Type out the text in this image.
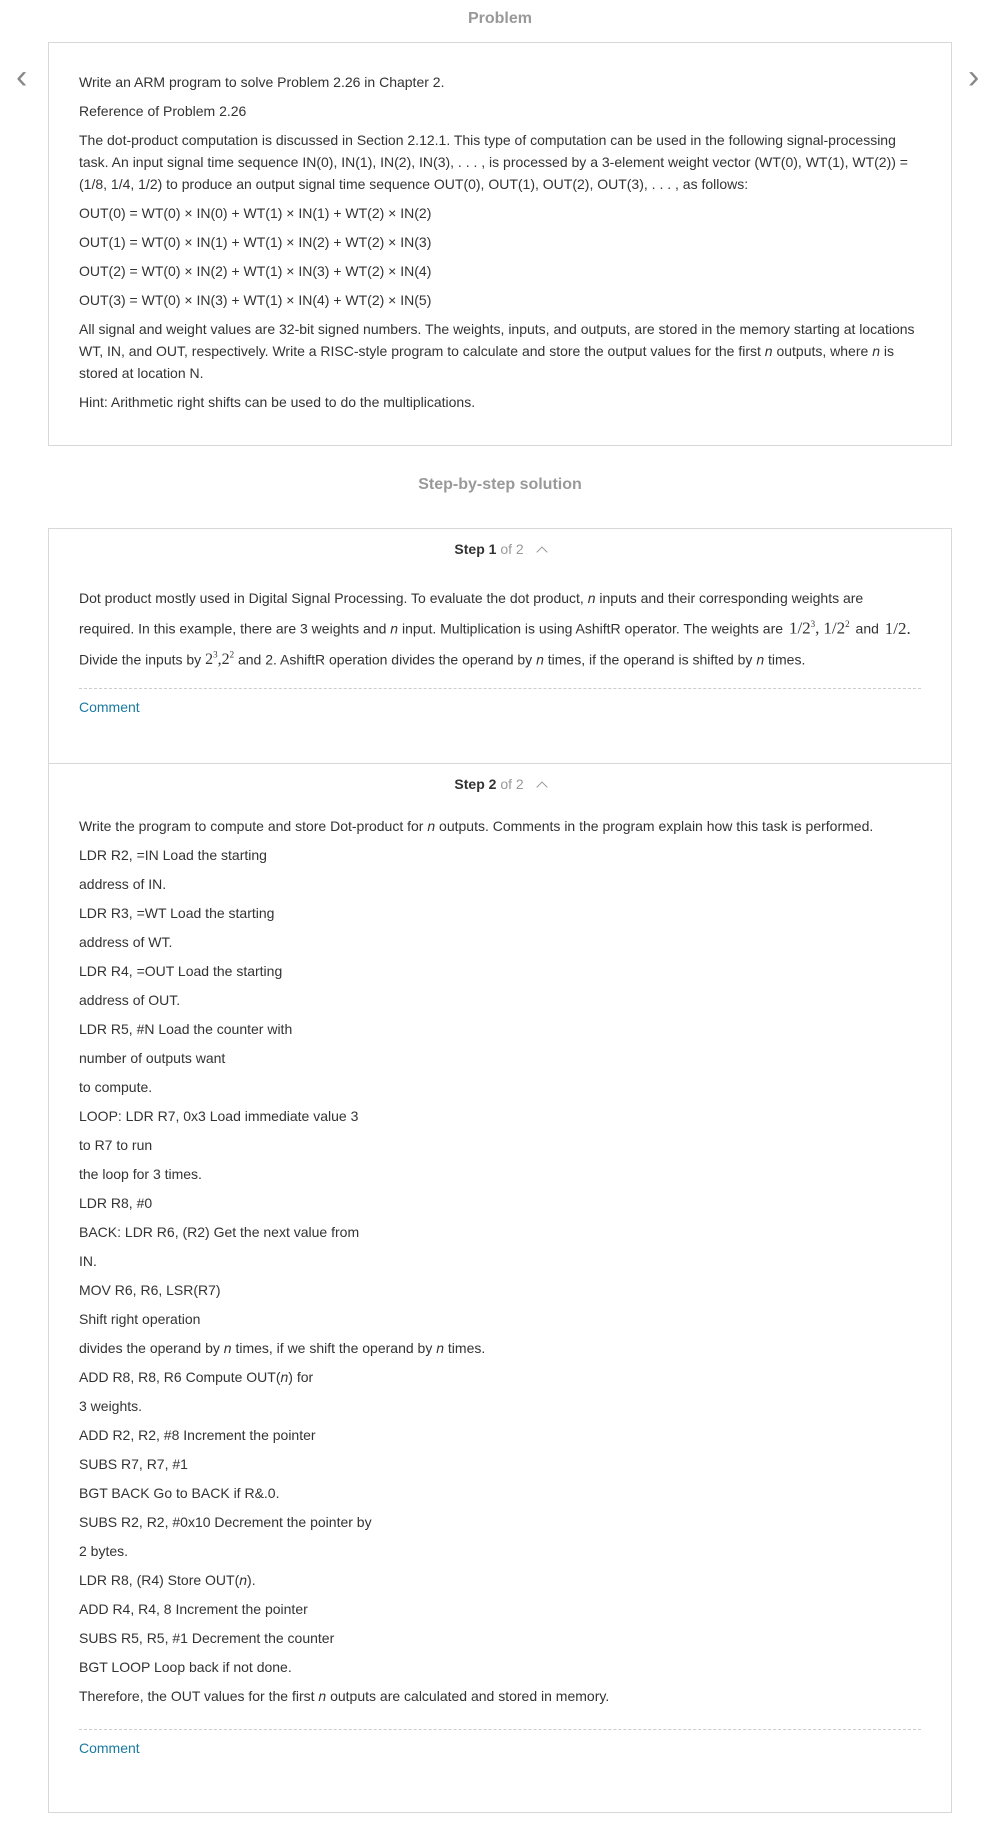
Problem
‹	›

Write an ARM program to solve Problem 2.26 in Chapter 2.

Reference of Problem 2.26

The dot-product computation is discussed in Section 2.12.1. This type of computation can be used in the following signal-processing task. An input signal time sequence IN(0), IN(1), IN(2), IN(3), . . . , is processed by a 3-element weight vector (WT(0), WT(1), WT(2)) = (1/8, 1/4, 1/2) to produce an output signal time sequence OUT(0), OUT(1), OUT(2), OUT(3), . . . , as follows:

OUT(0) = WT(0) × IN(0) + WT(1) × IN(1) + WT(2) × IN(2)

OUT(1) = WT(0) × IN(1) + WT(1) × IN(2) + WT(2) × IN(3)

OUT(2) = WT(0) × IN(2) + WT(1) × IN(3) + WT(2) × IN(4)

OUT(3) = WT(0) × IN(3) + WT(1) × IN(4) + WT(2) × IN(5)

All signal and weight values are 32-bit signed numbers. The weights, inputs, and outputs, are stored in the memory starting at locations WT, IN, and OUT, respectively. Write a RISC-style program to calculate and store the output values for the first n outputs, where n is stored at location N.

Hint: Arithmetic right shifts can be used to do the multiplications.

Step-by-step solution
Step 1 of 2
Dot product mostly used in Digital Signal Processing. To evaluate the dot product, n inputs and their corresponding weights are required. In this example, there are 3 weights and n input. Multiplication is using AshiftR operator. The weights are $1/2^3$, $1/2^2$ and 1/2.
Divide the inputs by $2^3,2^2$ and 2. AshiftR operation divides the operand by n times, if the operand is shifted by n times.
Comment
Step 2 of 2

Write the program to compute and store Dot-product for n outputs. Comments in the program explain how this task is performed.

LDR R2, =IN Load the starting

address of IN.

LDR R3, =WT Load the starting

address of WT.

LDR R4, =OUT Load the starting

address of OUT.

LDR R5, #N Load the counter with

number of outputs want

to compute.

LOOP: LDR R7, 0x3 Load immediate value 3

to R7 to run

the loop for 3 times.

LDR R8, #0

BACK: LDR R6, (R2) Get the next value from

IN.

MOV R6, R6, LSR(R7)

Shift right operation

divides the operand by n times, if we shift the operand by n times.

ADD R8, R8, R6 Compute OUT(n) for

3 weights.

ADD R2, R2, #8 Increment the pointer

SUBS R7, R7, #1

BGT BACK Go to BACK if R&.0.

SUBS R2, R2, #0x10 Decrement the pointer by

2 bytes.

LDR R8, (R4) Store OUT(n).

ADD R4, R4, 8 Increment the pointer

SUBS R5, R5, #1 Decrement the counter

BGT LOOP Loop back if not done.

Therefore, the OUT values for the first n outputs are calculated and stored in memory.

Comment
